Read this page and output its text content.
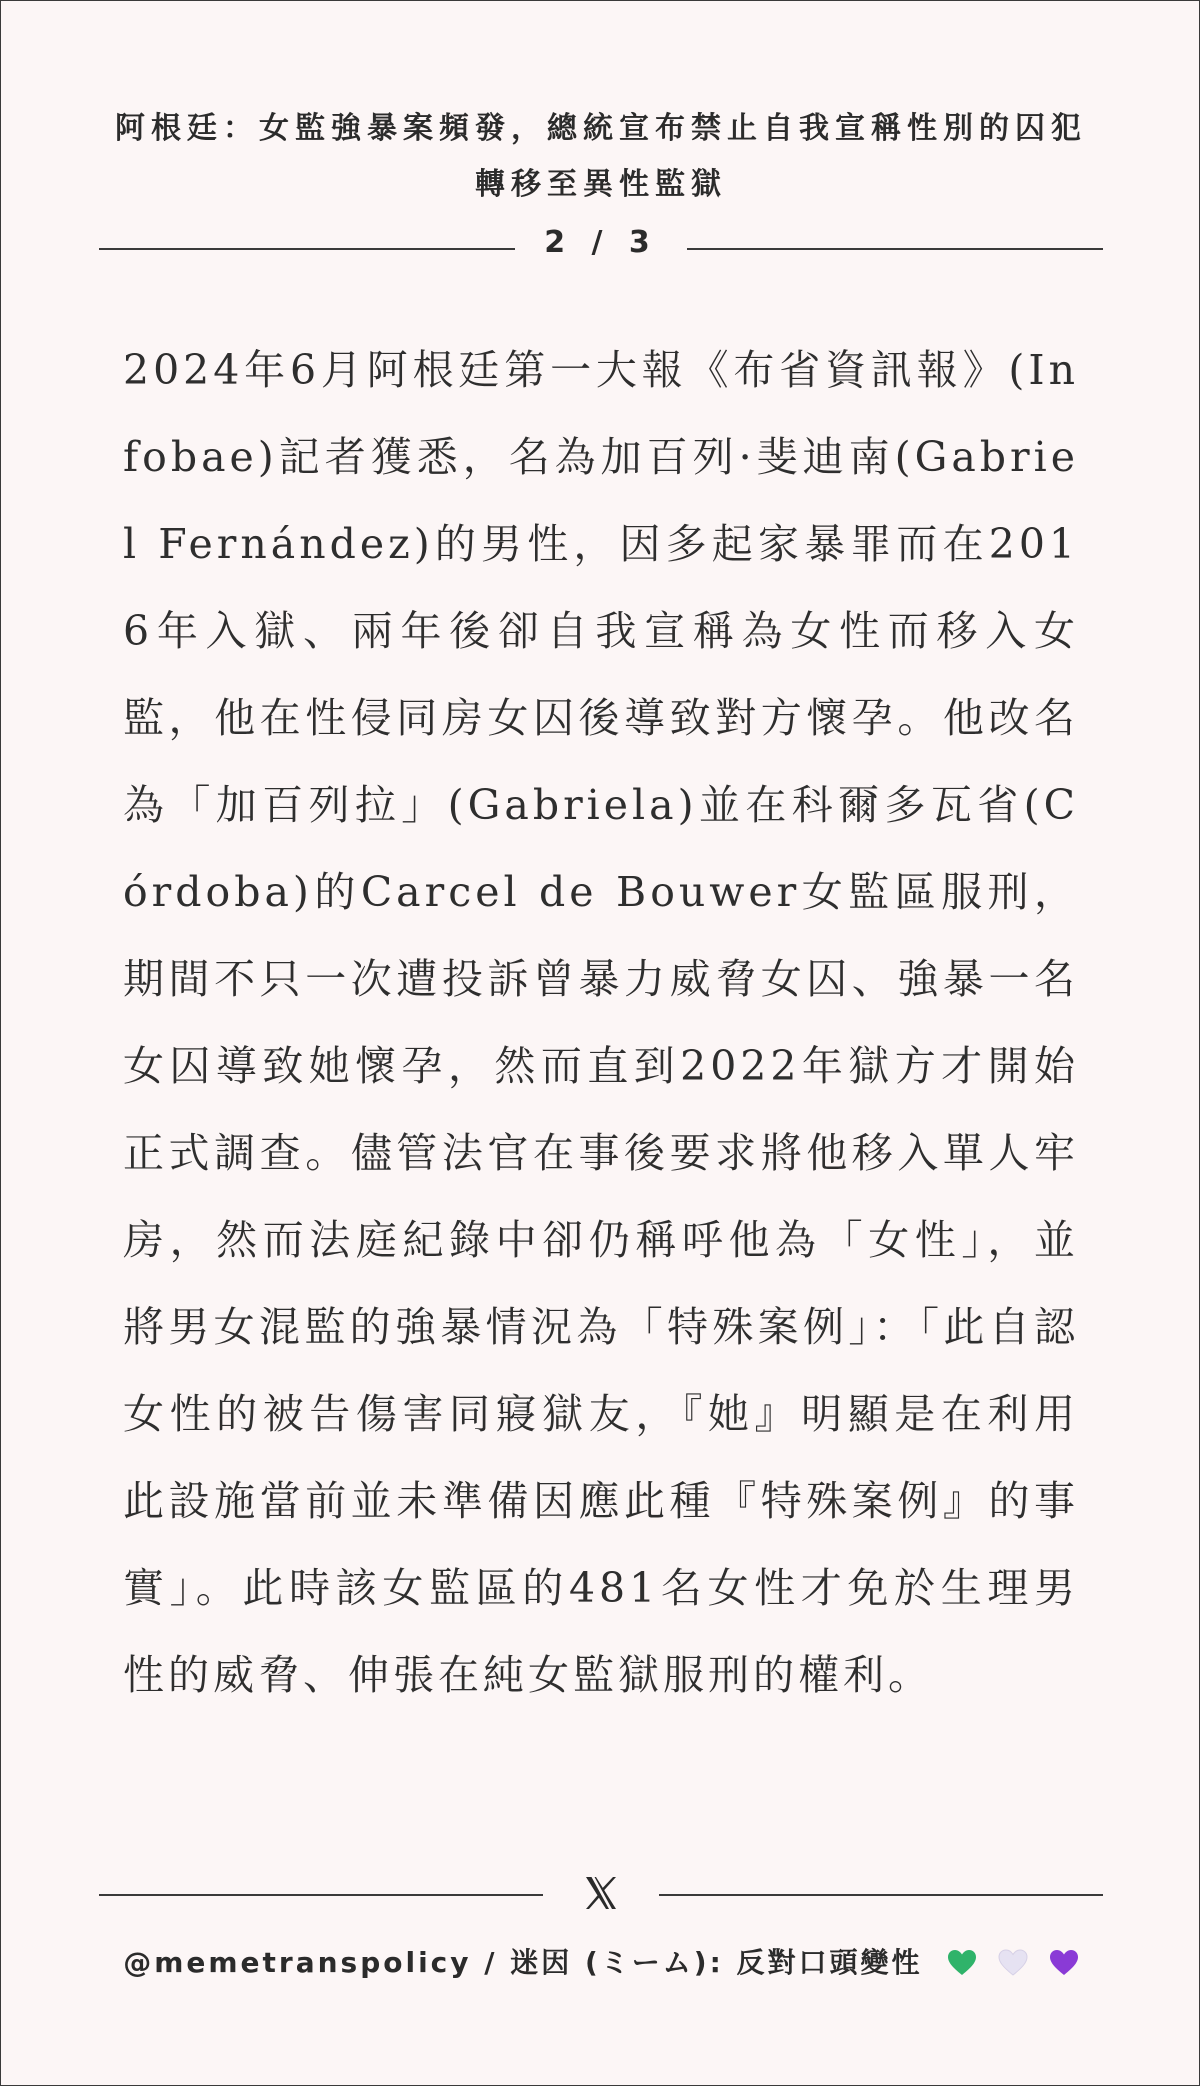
阿根廷：女監強暴案頻發，總統宣布禁止自我宣稱性別的囚犯轉移至異性監獄
2 / 3
2024年6月阿根廷第一大報《布省資訊報》(Infobae)記者獲悉，名為加百列·斐迪南(Gabriel Fernández)的男性，因多起家暴罪而在2016年入獄、兩年後卻自我宣稱為女性而移入女監，他在性侵同房女囚後導致對方懷孕。他改名為「加百列拉」(Gabriela)並在科爾多瓦省(Córdoba)的Carcel de Bouwer女監區服刑，期間不只一次遭投訴曾暴力威脅女囚、強暴一名女囚導致她懷孕，然而直到2022年獄方才開始正式調查。儘管法官在事後要求將他移入單人牢房，然而法庭紀錄中卻仍稱呼他為「女性」，並將男女混監的強暴情況為「特殊案例」：「此自認女性的被告傷害同寢獄友，『她』明顯是在利用此設施當前並未準備因應此種『特殊案例』的事實」。此時該女監區的481名女性才免於生理男性的威脅、伸張在純女監獄服刑的權利。
@memetranspolicy / 迷因 (ミーム): 反對口頭變性
